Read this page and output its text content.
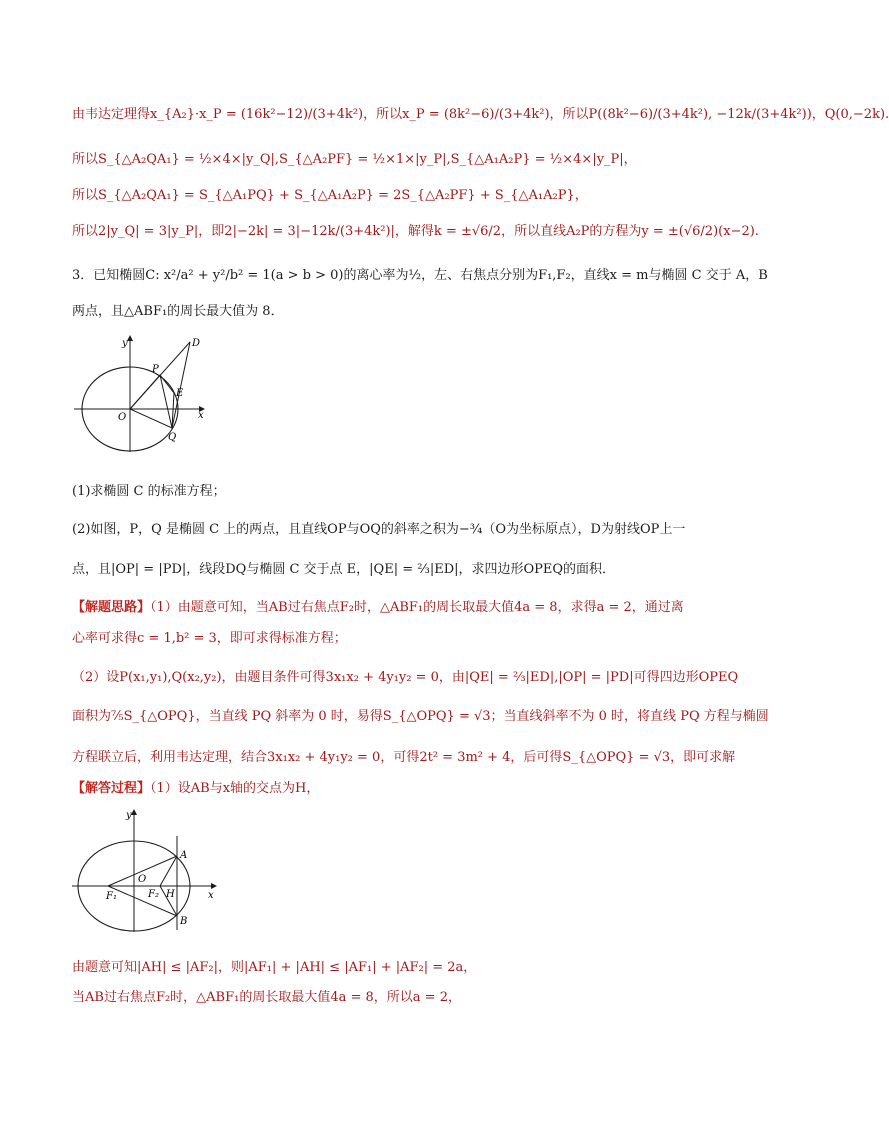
由韦达定理得x_{A₂}·x_P = (16k²−12)/(3+4k²)，所以x_P = (8k²−6)/(3+4k²)，所以P((8k²−6)/(3+4k²), −12k/(3+4k²))，Q(0,−2k).
所以S_{△A₂QA₁} = ½×4×|y_Q|,S_{△A₂PF} = ½×1×|y_P|,S_{△A₁A₂P} = ½×4×|y_P|，
所以S_{△A₂QA₁} = S_{△A₁PQ} + S_{△A₁A₂P} = 2S_{△A₂PF} + S_{△A₁A₂P}，
所以2|y_Q| = 3|y_P|，即2|−2k| = 3|−12k/(3+4k²)|，解得k = ±√6/2，所以直线A₂P的方程为y = ±(√6/2)(x−2).
3．已知椭圆C: x²/a² + y²/b² = 1(a > b > 0)的离心率为½，左、右焦点分别为F₁,F₂，直线x = m与椭圆 C 交于 A，B
两点，且△ABF₁的周长最大值为 8．
y
x
O
P
D
E
Q
(1)求椭圆 C 的标准方程；
(2)如图，P，Q 是椭圆 C 上的两点，且直线OP与OQ的斜率之积为−¾（O为坐标原点），D为射线OP上一
点，且|OP| = |PD|，线段DQ与椭圆 C 交于点 E，|QE| = ⅔|ED|，求四边形OPEQ的面积．
【解题思路】（1）由题意可知，当AB过右焦点F₂时，△ABF₁的周长取最大值4a = 8，求得a = 2，通过离
心率可求得c = 1,b² = 3，即可求得标准方程；
（2）设P(x₁,y₁),Q(x₂,y₂)，由题目条件可得3x₁x₂ + 4y₁y₂ = 0，由|QE| = ⅔|ED|,|OP| = |PD|可得四边形OPEQ
面积为⁷⁄₅S_{△OPQ}，当直线 PQ 斜率为 0 时，易得S_{△OPQ} = √3；当直线斜率不为 0 时，将直线 PQ 方程与椭圆
方程联立后，利用韦达定理，结合3x₁x₂ + 4y₁y₂ = 0，可得2t² = 3m² + 4，后可得S_{△OPQ} = √3，即可求解
【解答过程】（1）设AB与x轴的交点为H，
y
x
O
A
B
F₁	F₂ H
由题意可知|AH| ≤ |AF₂|，则|AF₁| + |AH| ≤ |AF₁| + |AF₂| = 2a，
当AB过右焦点F₂时，△ABF₁的周长取最大值4a = 8，所以a = 2，
